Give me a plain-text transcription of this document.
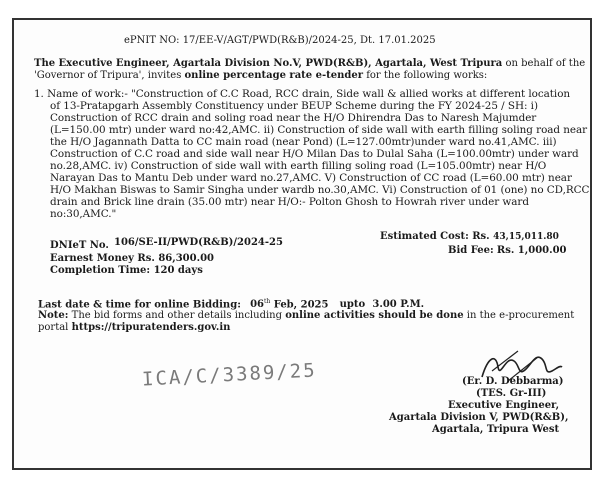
ePNIT NO: 17/EE-V/AGT/PWD(R&B)/2024-25, Dt. 17.01.2025
The Executive Engineer, Agartala Division No.V, PWD(R&B), Agartala, West Tripura on behalf of the
'Governor of Tripura', invites online percentage rate e-tender for the following works:
1. Name of work:- "Construction of C.C Road, RCC drain, Side wall & allied works at different location
of 13-Pratapgarh Assembly Constituency under BEUP Scheme during the FY 2024-25 / SH: i)
Construction of RCC drain and soling road near the H/O Dhirendra Das to Naresh Majumder
(L=150.00 mtr) under ward no:42,AMC. ii) Construction of side wall with earth filling soling road near
the H/O Jagannath Datta to CC main road (near Pond) (L=127.00mtr)under ward no.41,AMC. iii)
Construction of C.C road and side wall near H/O Milan Das to Dulal Saha (L=100.00mtr) under ward
no.28,AMC. iv) Construction of side wall with earth filling soling road (L=105.00mtr) near H/O
Narayan Das to Mantu Deb under ward no.27,AMC. V) Construction of CC road (L=60.00 mtr) near
H/O Makhan Biswas to Samir Singha under wardb no.30,AMC. Vi) Construction of 01 (one) no CD,RCC
drain and Brick line drain (35.00 mtr) near H/O:- Polton Ghosh to Howrah river under ward
no:30,AMC."
DNIeT No. 106/SE-II/PWD(R&B)/2024-25
Estimated Cost: Rs. 43,15,011.80
Bid Fee: Rs. 1,000.00
Earnest Money Rs. 86,300.00
Completion Time: 120 days
Last date & time for online Bidding: 06th Feb, 2025 upto 3.00 P.M.
Note: The bid forms and other details including online activities should be done in the e-procurement
portal https://tripuratenders.gov.in
ICA/C/3389/25	(Er. D. Debbarma)
(TES. Gr-III)
Executive Engineer,
Agartala Division V, PWD(R&B),
Agartala, Tripura West
